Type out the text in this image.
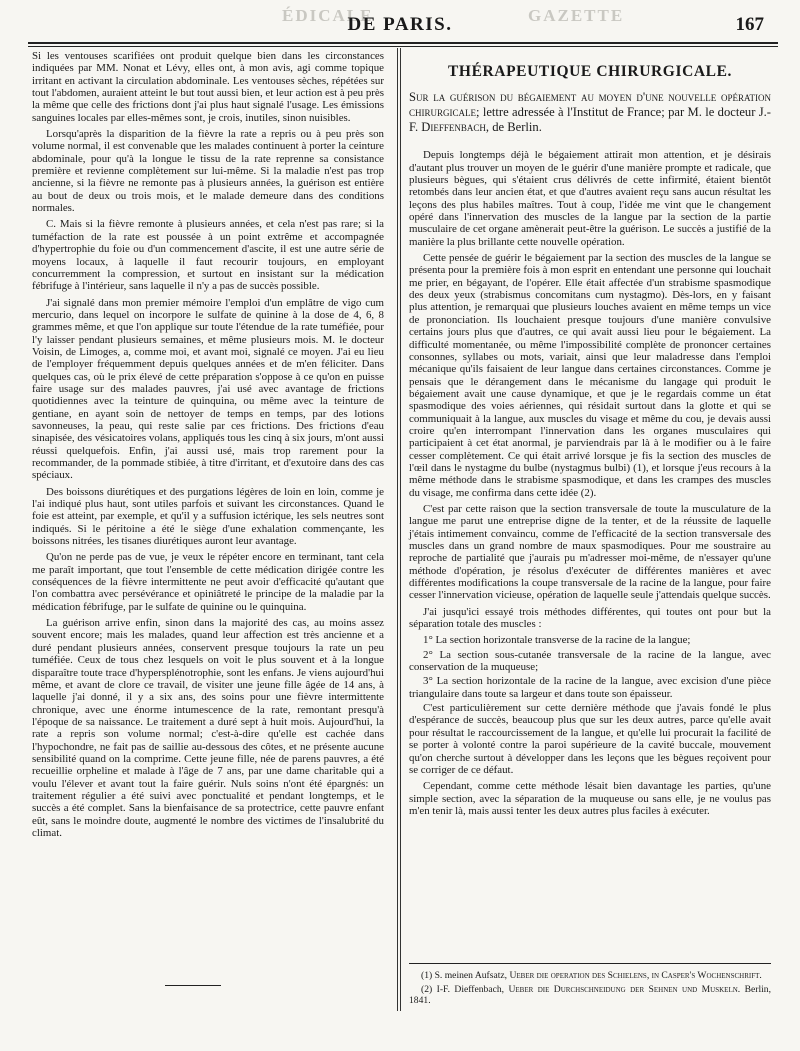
ÉDICALE	GAZETTE
DE PARIS.	167

Si les ventouses scarifiées ont produit quelque bien dans les circonstances indiquées par MM. Nonat et Lévy, elles ont, à mon avis, agi comme topique irritant en activant la circulation abdominale. Les ventouses sèches, répétées sur tout l'abdomen, auraient atteint le but tout aussi bien, et leur action est à peu près la même que celle des frictions dont j'ai plus haut signalé l'usage. Les émissions sanguines locales par elles-mêmes sont, je crois, inutiles, sinon nuisibles.

Lorsqu'après la disparition de la fièvre la rate a repris ou à peu près son volume normal, il est convenable que les malades continuent à porter la ceinture abdominale, pour qu'à la longue le tissu de la rate reprenne sa consistance première et revienne complètement sur lui-même. Si la maladie n'est pas trop ancienne, si la fièvre ne remonte pas à plusieurs années, la guérison est entière au bout de deux ou trois mois, et le malade demeure dans des conditions normales.

C. Mais si la fièvre remonte à plusieurs années, et cela n'est pas rare; si la tuméfaction de la rate est poussée à un point extrême et accompagnée d'hypertrophie du foie ou d'un commencement d'ascite, il est une autre série de moyens locaux, à laquelle il faut recourir toujours, en employant concurremment la compression, et surtout en insistant sur la médication fébrifuge à l'intérieur, sans laquelle il n'y a pas de succès possible.

J'ai signalé dans mon premier mémoire l'emploi d'un emplâtre de vigo cum mercurio, dans lequel on incorpore le sulfate de quinine à la dose de 4, 6, 8 grammes même, et que l'on applique sur toute l'étendue de la rate tuméfiée, pour l'y laisser pendant plusieurs semaines, et même plusieurs mois. M. le docteur Voisin, de Limoges, a, comme moi, et avant moi, signalé ce moyen. J'ai eu lieu de l'employer fréquemment depuis quelques années et de m'en féliciter. Dans quelques cas, où le prix élevé de cette préparation s'oppose à ce qu'on en puisse faire usage sur des malades pauvres, j'ai usé avec avantage de frictions quotidiennes avec la teinture de quinquina, ou même avec la teinture de gentiane, en ayant soin de nettoyer de temps en temps, par des lotions savonneuses, la peau, qui reste salie par ces frictions. Des frictions d'eau sinapisée, des vésicatoires volans, appliqués tous les cinq à six jours, m'ont aussi réussi quelquefois. Enfin, j'ai aussi usé, mais trop rarement pour la recommander, de la pommade stibiée, à titre d'irritant, et d'exutoire dans des cas spéciaux.

Des boissons diurétiques et des purgations légères de loin en loin, comme je l'ai indiqué plus haut, sont utiles parfois et suivant les circonstances. Quand le foie est atteint, par exemple, et qu'il y a suffusion ictérique, les sels neutres sont indiqués. Si le péritoine a été le siège d'une exhalation commençante, les boissons nitrées, les tisanes diurétiques auront leur avantage.

Qu'on ne perde pas de vue, je veux le répéter encore en terminant, tant cela me paraît important, que tout l'ensemble de cette médication dirigée contre les conséquences de la fièvre intermittente ne peut avoir d'efficacité qu'autant que l'on combattra avec persévérance et opiniâtreté le principe de la maladie par la médication fébrifuge, par le sulfate de quinine ou le quinquina.

La guérison arrive enfin, sinon dans la majorité des cas, au moins assez souvent encore; mais les malades, quand leur affection est très ancienne et a duré pendant plusieurs années, conservent presque toujours la rate un peu tuméfiée. Ceux de tous chez lesquels on voit le plus souvent et à la longue disparaître toute trace d'hypersplénotrophie, sont les enfans. Je viens aujourd'hui même, et avant de clore ce travail, de visiter une jeune fille âgée de 14 ans, à laquelle j'ai donné, il y a six ans, des soins pour une fièvre intermittente chronique, avec une énorme intumescence de la rate, remontant presqu'à l'époque de sa naissance. Le traitement a duré sept à huit mois. Aujourd'hui, la rate a repris son volume normal; c'est-à-dire qu'elle est cachée dans l'hypochondre, ne fait pas de saillie au-dessous des côtes, et ne présente aucune sensibilité quand on la comprime. Cette jeune fille, née de parens pauvres, a été recueillie orpheline et malade à l'âge de 7 ans, par une dame charitable qui a voulu l'élever et avant tout la faire guérir. Nuls soins n'ont été épargnés: un traitement régulier a été suivi avec ponctualité et pendant longtemps, et le succès a été complet. Sans la bienfaisance de sa protectrice, cette pauvre enfant eût, sans le moindre doute, augmenté le nombre des victimes de l'insalubrité du climat.

THÉRAPEUTIQUE CHIRURGICALE.
Sur la guérison du bégaiement au moyen d'une nouvelle opération chirurgicale; lettre adressée à l'Institut de France; par M. le docteur J.-F. Dieffenbach, de Berlin.

Depuis longtemps déjà le bégaiement attirait mon attention, et je désirais d'autant plus trouver un moyen de le guérir d'une manière prompte et radicale, que plusieurs bègues, qui s'étaient crus délivrés de cette infirmité, étaient bientôt retombés dans leur ancien état, et que d'autres avaient reçu sans aucun résultat les leçons des plus habiles maîtres. Tout à coup, l'idée me vint que le changement opéré dans l'innervation des muscles de la langue par la section de la partie musculaire de cet organe amènerait peut-être la guérison. Le succès a justifié de la manière la plus brillante cette nouvelle opération.

Cette pensée de guérir le bégaiement par la section des muscles de la langue se présenta pour la première fois à mon esprit en entendant une personne qui louchait me prier, en bégayant, de l'opérer. Elle était affectée d'un strabisme spasmodique des deux yeux (strabismus concomitans cum nystagmo). Dès-lors, en y faisant plus attention, je remarquai que plusieurs louches avaient en même temps un vice de prononciation. Ils louchaient presque toujours d'une manière convulsive certains jours plus que d'autres, ce qui avait aussi lieu pour le bégaiement. La difficulté momentanée, ou même l'impossibilité complète de prononcer certaines consonnes, syllabes ou mots, variait, ainsi que leur maladresse dans l'emploi mécanique qu'ils faisaient de leur langue dans certaines circonstances. Comme je pensais que le dérangement dans le mécanisme du langage qui produit le bégaiement avait une cause dynamique, et que je le regardais comme un état spasmodique des voies aériennes, qui résidait surtout dans la glotte et qui se communiquait à la langue, aux muscles du visage et même du cou, je devais aussi croire qu'en interrompant l'innervation dans les organes musculaires qui participaient à cet état anormal, je parviendrais par là à le modifier ou à le faire cesser complètement. Ce qui était arrivé lorsque je fis la section des muscles de l'œil dans le nystagme du bulbe (nystagmus bulbi) (1), et lorsque j'eus recours à la même méthode dans le strabisme spasmodique, et dans les crampes des muscles du visage, me confirma dans cette idée (2).

C'est par cette raison que la section transversale de toute la musculature de la langue me parut une entreprise digne de la tenter, et de la réussite de laquelle j'étais intimement convaincu, comme de l'efficacité de la section transversale des muscles dans un grand nombre de maux spasmodiques. Pour me soustraire au reproche de partialité que j'aurais pu m'adresser moi-même, de n'essayer qu'une méthode d'opération, je résolus d'exécuter de différentes manières et avec différentes modifications la coupe transversale de la racine de la langue, pour faire cesser l'innervation vicieuse, opération de laquelle seule j'attendais quelque succès.

J'ai jusqu'ici essayé trois méthodes différentes, qui toutes ont pour but la séparation totale des muscles :

1° La section horizontale transverse de la racine de la langue;

2° La section sous-cutanée transversale de la racine de la langue, avec conservation de la muqueuse;

3° La section horizontale de la racine de la langue, avec excision d'une pièce triangulaire dans toute sa largeur et dans toute son épaisseur.

C'est particulièrement sur cette dernière méthode que j'avais fondé le plus d'espérance de succès, beaucoup plus que sur les deux autres, parce qu'elle avait pour résultat le raccourcissement de la langue, et qu'elle lui procurait la facilité de se porter à volonté contre la paroi supérieure de la cavité buccale, mouvement qu'on cherche surtout à développer dans les leçons que les bègues reçoivent pour se corriger de ce défaut.

Cependant, comme cette méthode lésait bien davantage les parties, qu'une simple section, avec la séparation de la muqueuse ou sans elle, je ne voulus pas m'en tenir là, mais aussi tenter les deux autres plus faciles à exécuter.

(1) S. meinen Aufsatz, Ueber die operation des Schielens, in Casper's Wochenschrift.

(2) I-F. Dieffenbach, Ueber die Durchschneidung der Sehnen und Muskeln. Berlin, 1841.
